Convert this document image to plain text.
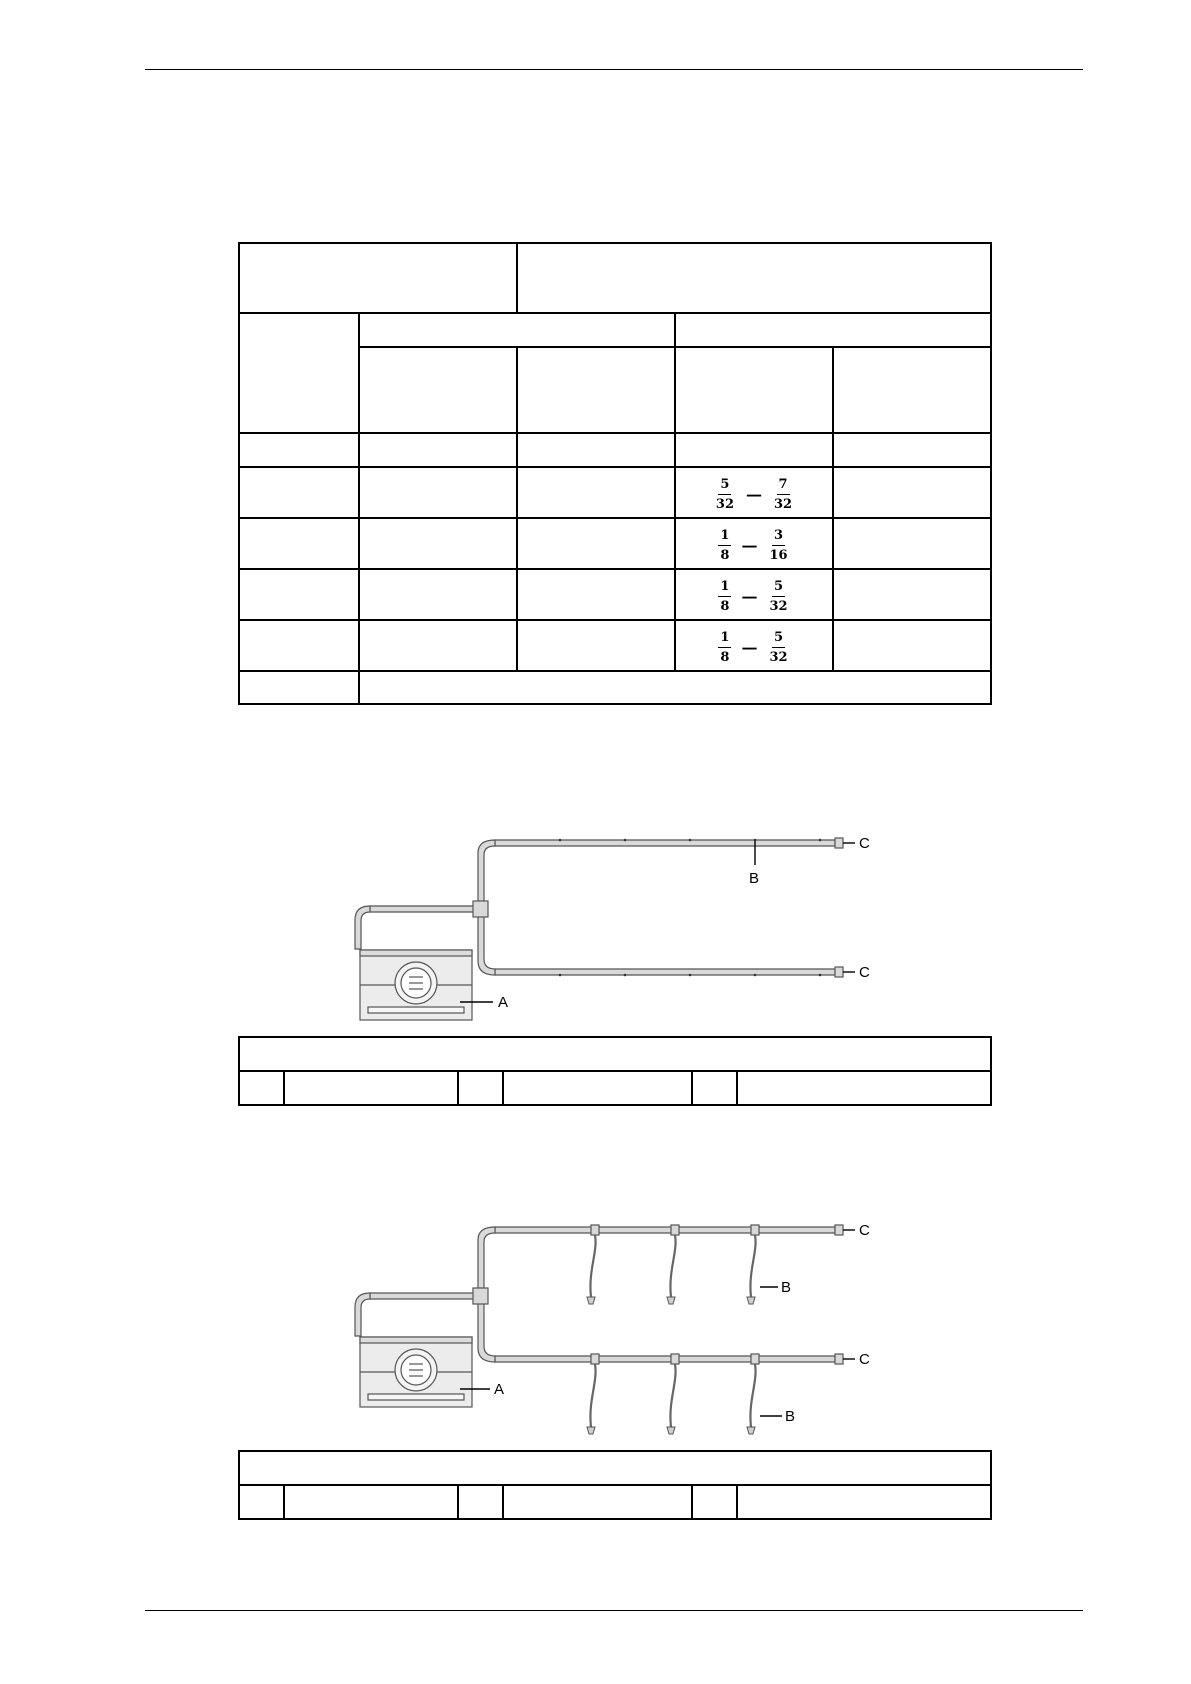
			$\frac{5}{32}$ — $\frac{7}{32}$

			$\frac{1}{8}$ — $\frac{3}{16}$

			$\frac{1}{8}$ — $\frac{5}{32}$

			$\frac{1}{8}$ — $\frac{5}{32}$

C
B
C
A

C
B
C
B
A
